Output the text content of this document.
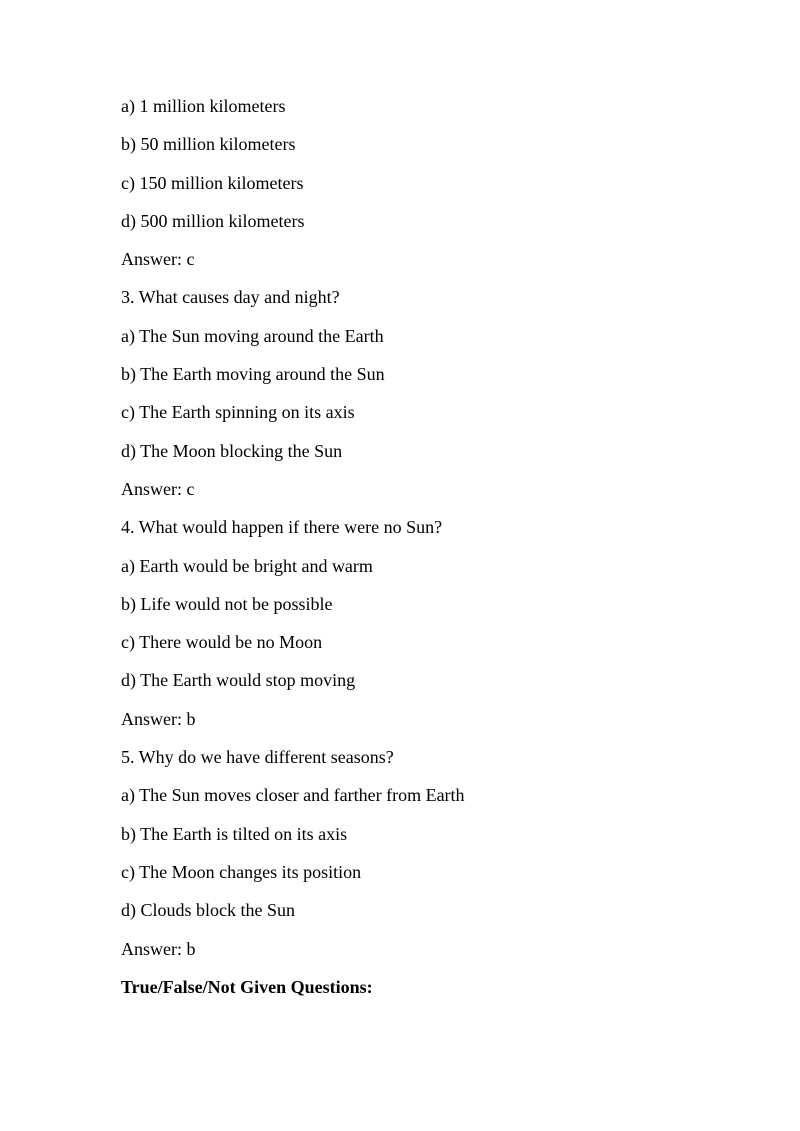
a) 1 million kilometers

b) 50 million kilometers

c) 150 million kilometers

d) 500 million kilometers

Answer: c

3. What causes day and night?

a) The Sun moving around the Earth

b) The Earth moving around the Sun

c) The Earth spinning on its axis

d) The Moon blocking the Sun

Answer: c

4. What would happen if there were no Sun?

a) Earth would be bright and warm

b) Life would not be possible

c) There would be no Moon

d) The Earth would stop moving

Answer: b

5. Why do we have different seasons?

a) The Sun moves closer and farther from Earth

b) The Earth is tilted on its axis

c) The Moon changes its position

d) Clouds block the Sun

Answer: b

True/False/Not Given Questions:
